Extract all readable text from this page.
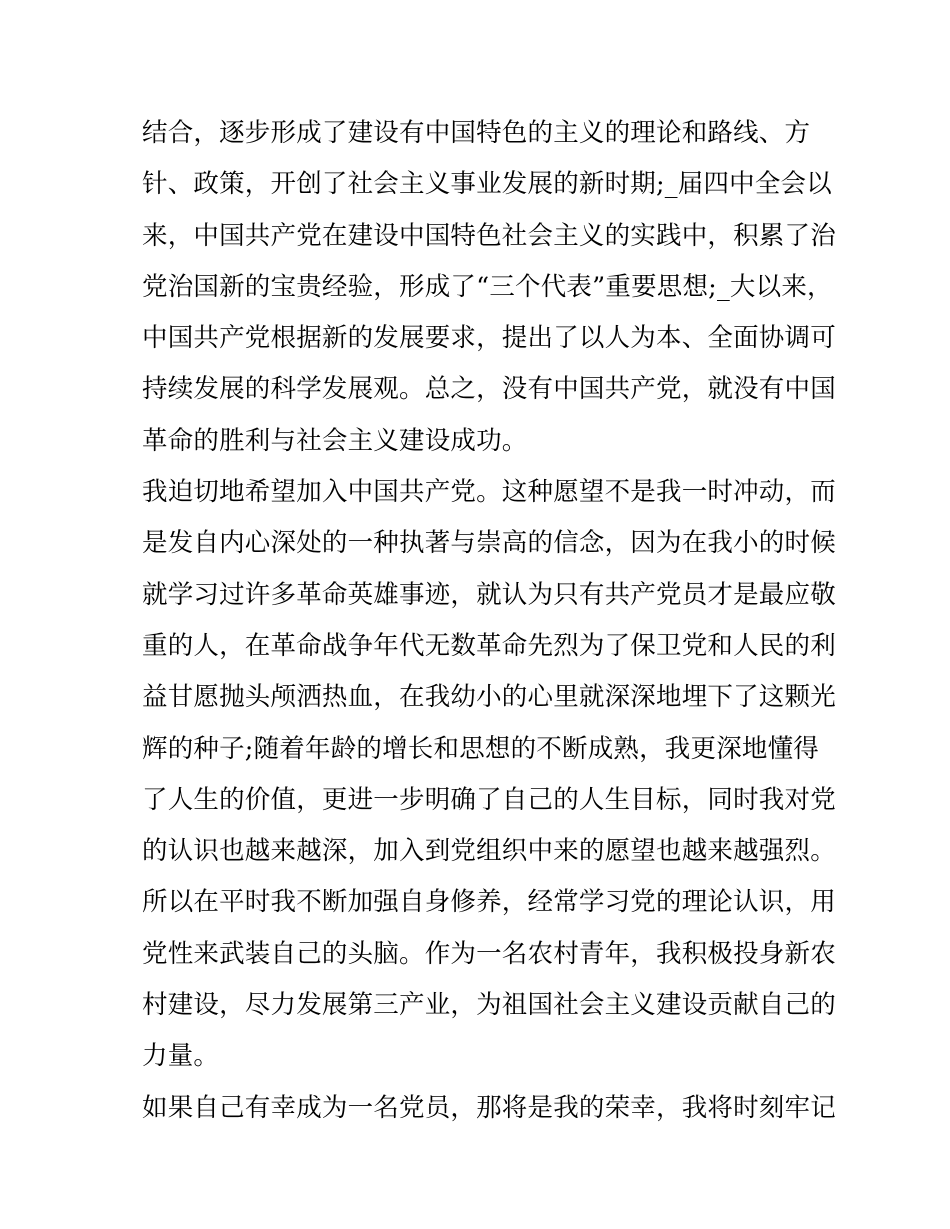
结合，逐步形成了建设有中国特色的主义的理论和路线、方
针、政策，开创了社会主义事业发展的新时期;_届四中全会以
来，中国共产党在建设中国特色社会主义的实践中，积累了治
党治国新的宝贵经验，形成了“三个代表”重要思想;_大以来，
中国共产党根据新的发展要求，提出了以人为本、全面协调可
持续发展的科学发展观。总之，没有中国共产党，就没有中国
革命的胜利与社会主义建设成功。
我迫切地希望加入中国共产党。这种愿望不是我一时冲动，而
是发自内心深处的一种执著与崇高的信念，因为在我小的时候
就学习过许多革命英雄事迹，就认为只有共产党员才是最应敬
重的人，在革命战争年代无数革命先烈为了保卫党和人民的利
益甘愿抛头颅洒热血，在我幼小的心里就深深地埋下了这颗光
辉的种子;随着年龄的增长和思想的不断成熟，我更深地懂得
了人生的价值，更进一步明确了自己的人生目标，同时我对党
的认识也越来越深，加入到党组织中来的愿望也越来越强烈。
所以在平时我不断加强自身修养，经常学习党的理论认识，用
党性来武装自己的头脑。作为一名农村青年，我积极投身新农
村建设，尽力发展第三产业，为祖国社会主义建设贡献自己的
力量。
如果自己有幸成为一名党员，那将是我的荣幸，我将时刻牢记
